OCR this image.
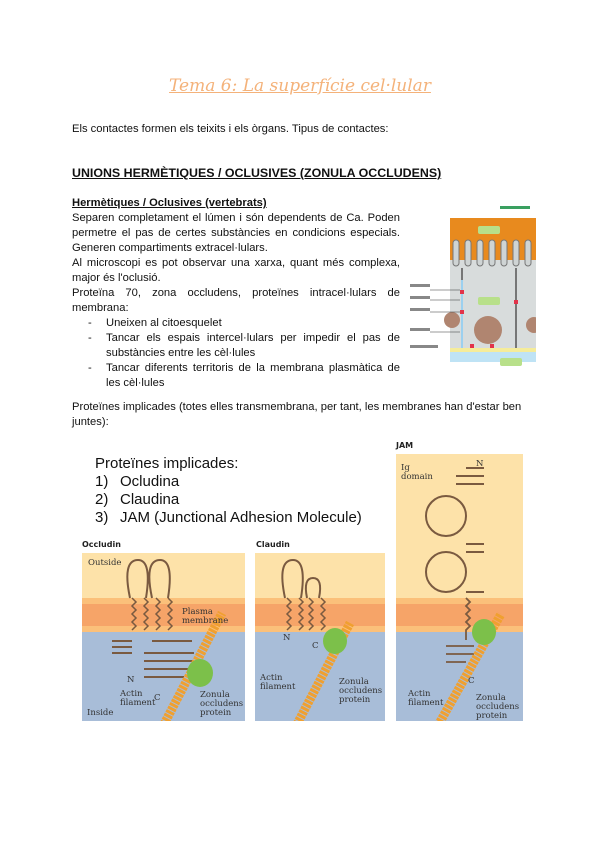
Tema 6: La superfície cel·lular
Els contactes formen els teixits i els òrgans. Tipus de contactes:
UNIONS HERMÈTIQUES / OCLUSIVES (ZONULA OCCLUDENS)
Hermètiques / Oclusives (vertebrats)
Separen completament el lúmen i són dependents de Ca. Poden permetre el pas de certes substàncies en condicions especials. Generen compartiments extracel·lulars.
Al microscopi es pot observar una xarxa, quant més complexa, major és l'oclusió.
Proteïna 70, zona occludens, proteïnes intracel·lulars de membrana:
- Uneixen al citoesquelet
- Tancar els espais intercel·lulars per impedir el pas de substàncies entre les cèl·lules
- Tancar diferents territoris de la membrana plasmàtica de les cèl·lules
Proteïnes implicades (totes elles transmembrana, per tant, les membranes han d'estar ben juntes):
Proteïnes implicades:
1) Ocludina
2) Claudina
3) JAM (Junctional Adhesion Molecule)
Occludin
Outside
Plasma membrane
N
C
Actin filament
Zonula occludens protein
Inside
Claudin
N
C
Actin filament	Zonula occludens protein
JAM
Ig domain
N
C
Actin filament	Zonula occludens protein
